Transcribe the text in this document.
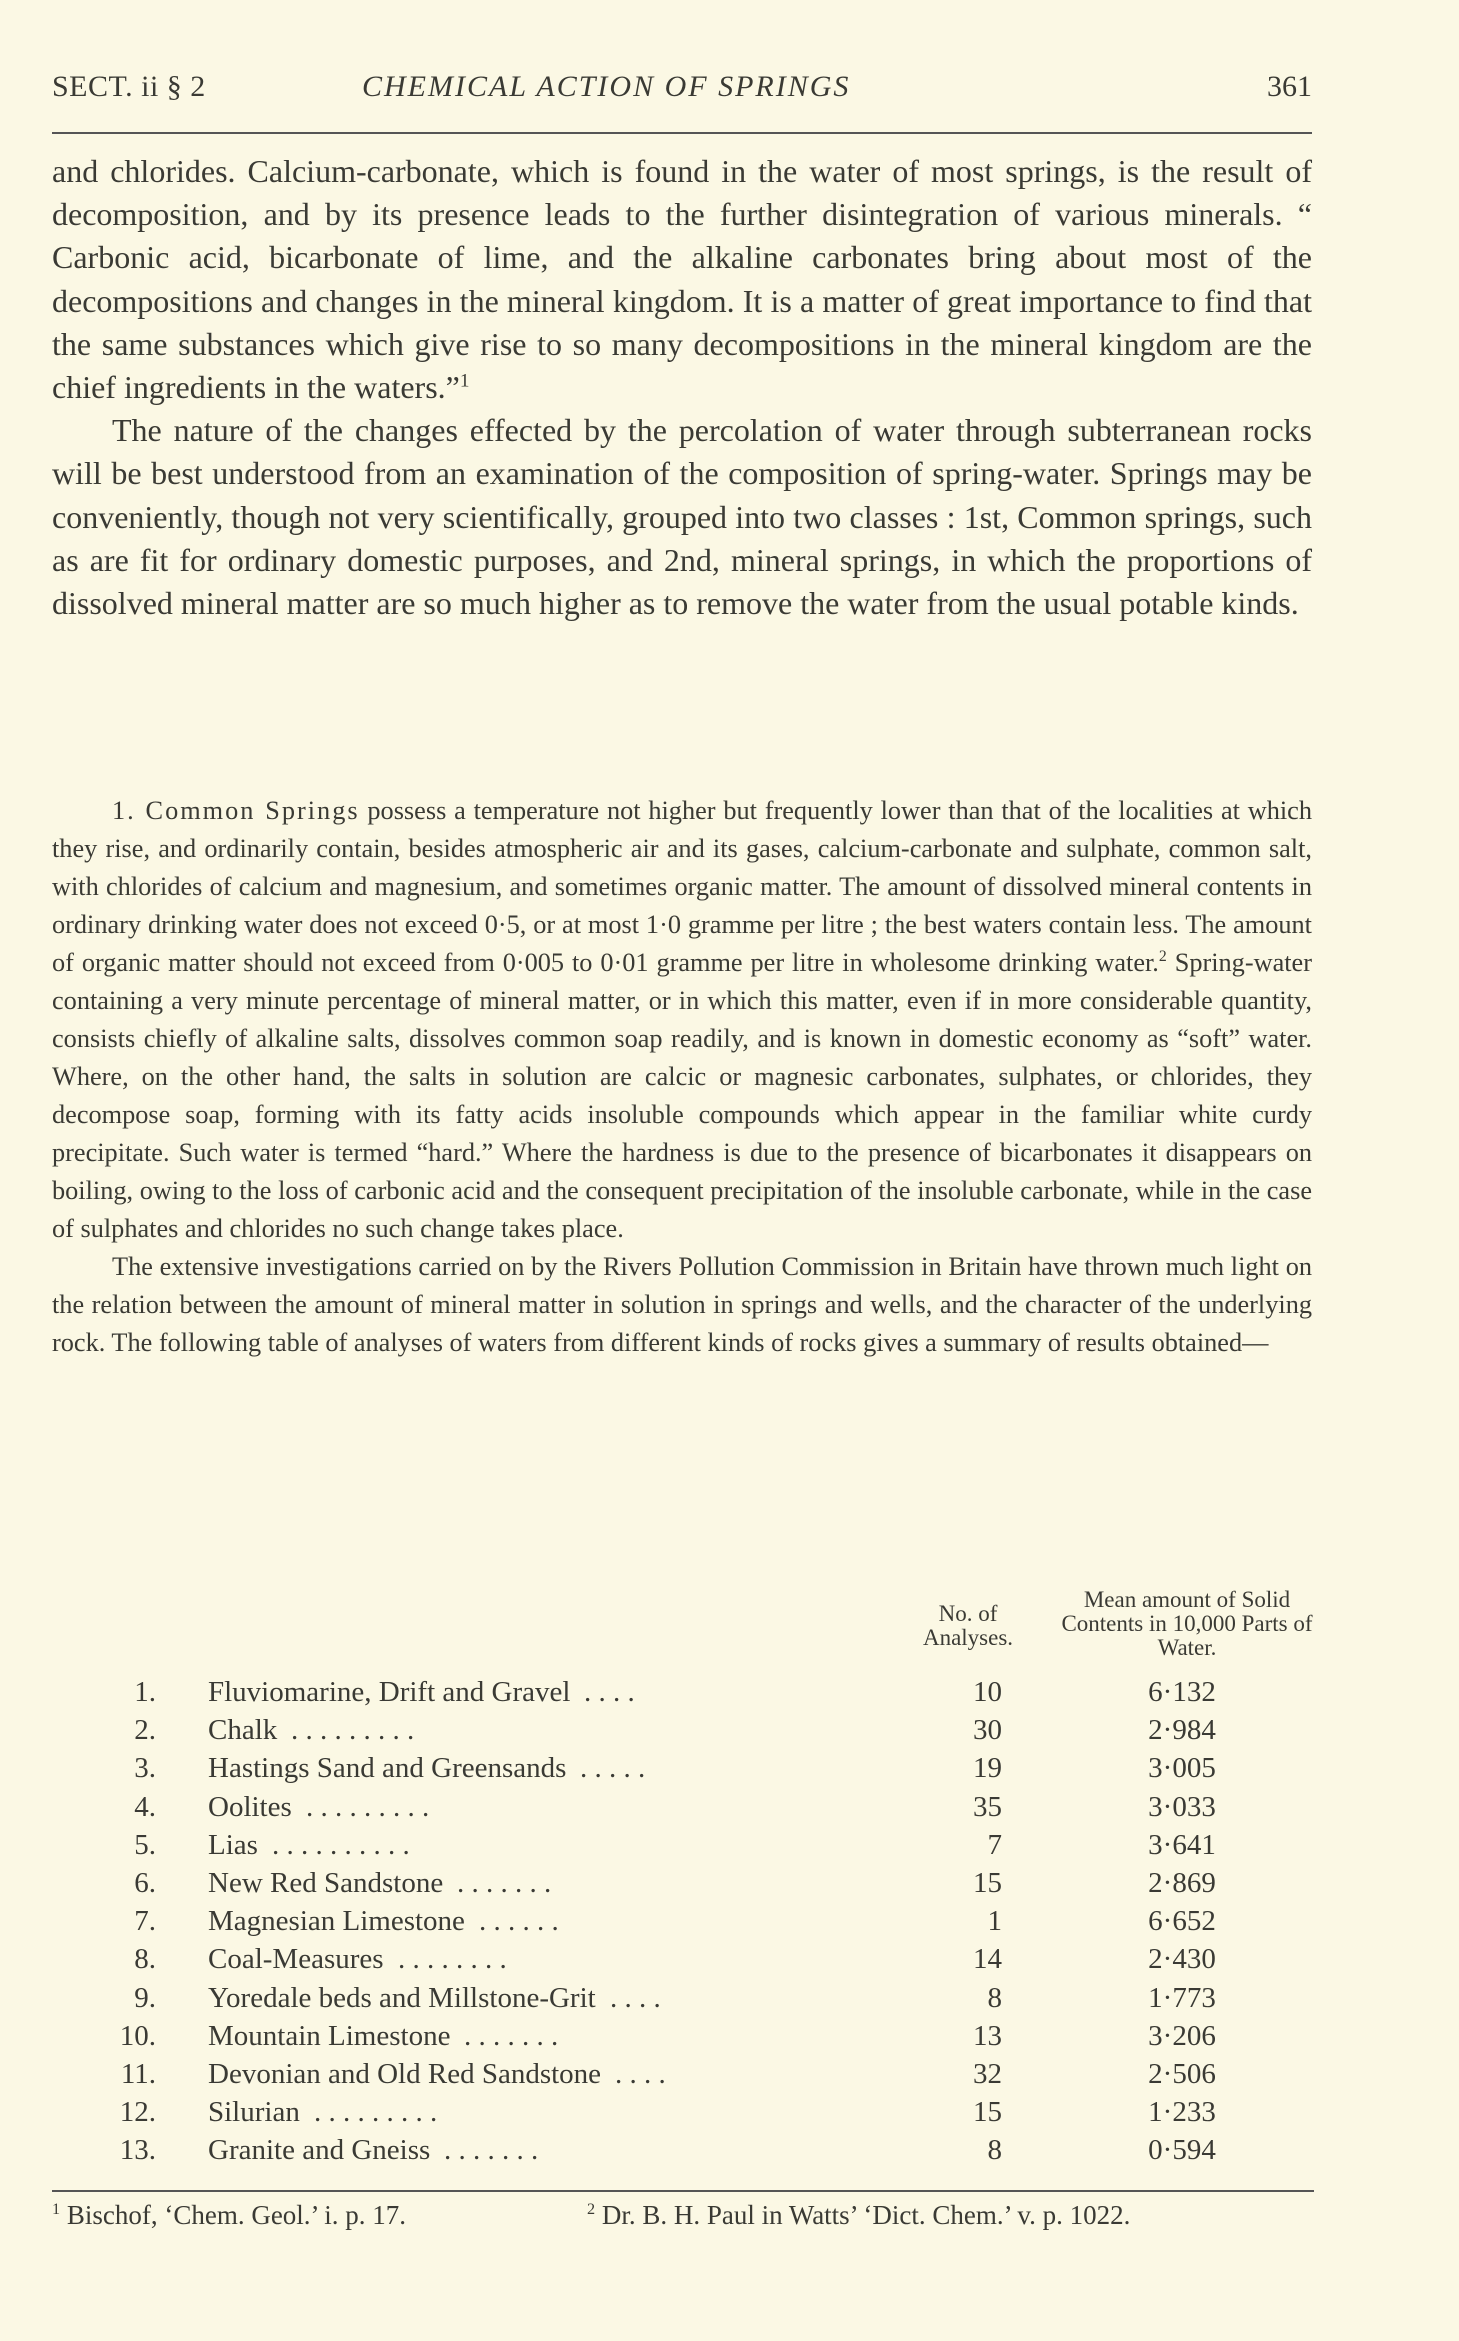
SECT. ii § 2	CHEMICAL ACTION OF SPRINGS	361

and chlorides. Calcium-carbonate, which is found in the water of most springs, is the result of decomposition, and by its presence leads to the further disintegration of various minerals. “ Carbonic acid, bicarbonate of lime, and the alkaline carbonates bring about most of the decompositions and changes in the mineral kingdom. It is a matter of great importance to find that the same substances which give rise to so many decompositions in the mineral kingdom are the chief ingredients in the waters.”$^1$

The nature of the changes effected by the percolation of water through subterranean rocks will be best understood from an examination of the composition of spring-water. Springs may be conveniently, though not very scientifically, grouped into two classes : 1st, Common springs, such as are fit for ordinary domestic purposes, and 2nd, mineral springs, in which the proportions of dissolved mineral matter are so much higher as to remove the water from the usual potable kinds.

1. Common Springs possess a temperature not higher but frequently lower than that of the localities at which they rise, and ordinarily contain, besides atmospheric air and its gases, calcium-carbonate and sulphate, common salt, with chlorides of calcium and magnesium, and sometimes organic matter. The amount of dissolved mineral contents in ordinary drinking water does not exceed 0·5, or at most 1·0 gramme per litre ; the best waters contain less. The amount of organic matter should not exceed from 0·005 to 0·01 gramme per litre in wholesome drinking water.$^2$ Spring-water containing a very minute percentage of mineral matter, or in which this matter, even if in more considerable quantity, consists chiefly of alkaline salts, dissolves common soap readily, and is known in domestic economy as “soft” water. Where, on the other hand, the salts in solution are calcic or magnesic carbonates, sulphates, or chlorides, they decompose soap, forming with its fatty acids insoluble compounds which appear in the familiar white curdy precipitate. Such water is termed “hard.” Where the hardness is due to the presence of bicarbonates it disappears on boiling, owing to the loss of carbonic acid and the consequent precipitation of the insoluble carbonate, while in the case of sulphates and chlorides no such change takes place.

The extensive investigations carried on by the Rivers Pollution Commission in Britain have thrown much light on the relation between the amount of mineral matter in solution in springs and wells, and the character of the underlying rock. The following table of analyses of waters from different kinds of rocks gives a summary of results obtained—

No. of Analyses.
Mean amount of Solid Contents in 10,000 Parts of Water.
1. Fluviomarine, Drift and Gravel . . . .	10	6·132
2. Chalk . . . . . . . . .	30	2·984
3. Hastings Sand and Greensands . . . . .	19	3·005
4. Oolites . . . . . . . . .	35	3·033
5. Lias . . . . . . . . . .	7	3·641
6. New Red Sandstone . . . . . . .	15	2·869
7. Magnesian Limestone . . . . . .	1	6·652
8. Coal-Measures . . . . . . . .	14	2·430
9. Yoredale beds and Millstone-Grit . . . .	8	1·773
10. Mountain Limestone . . . . . . .	13	3·206
11. Devonian and Old Red Sandstone . . . .	32	2·506
12. Silurian . . . . . . . . .	15	1·233
13. Granite and Gneiss . . . . . . .	8	0·594
$^1$ Bischof, ‘Chem. Geol.’ i. p. 17.	$^2$ Dr. B. H. Paul in Watts’ ‘Dict. Chem.’ v. p. 1022.
